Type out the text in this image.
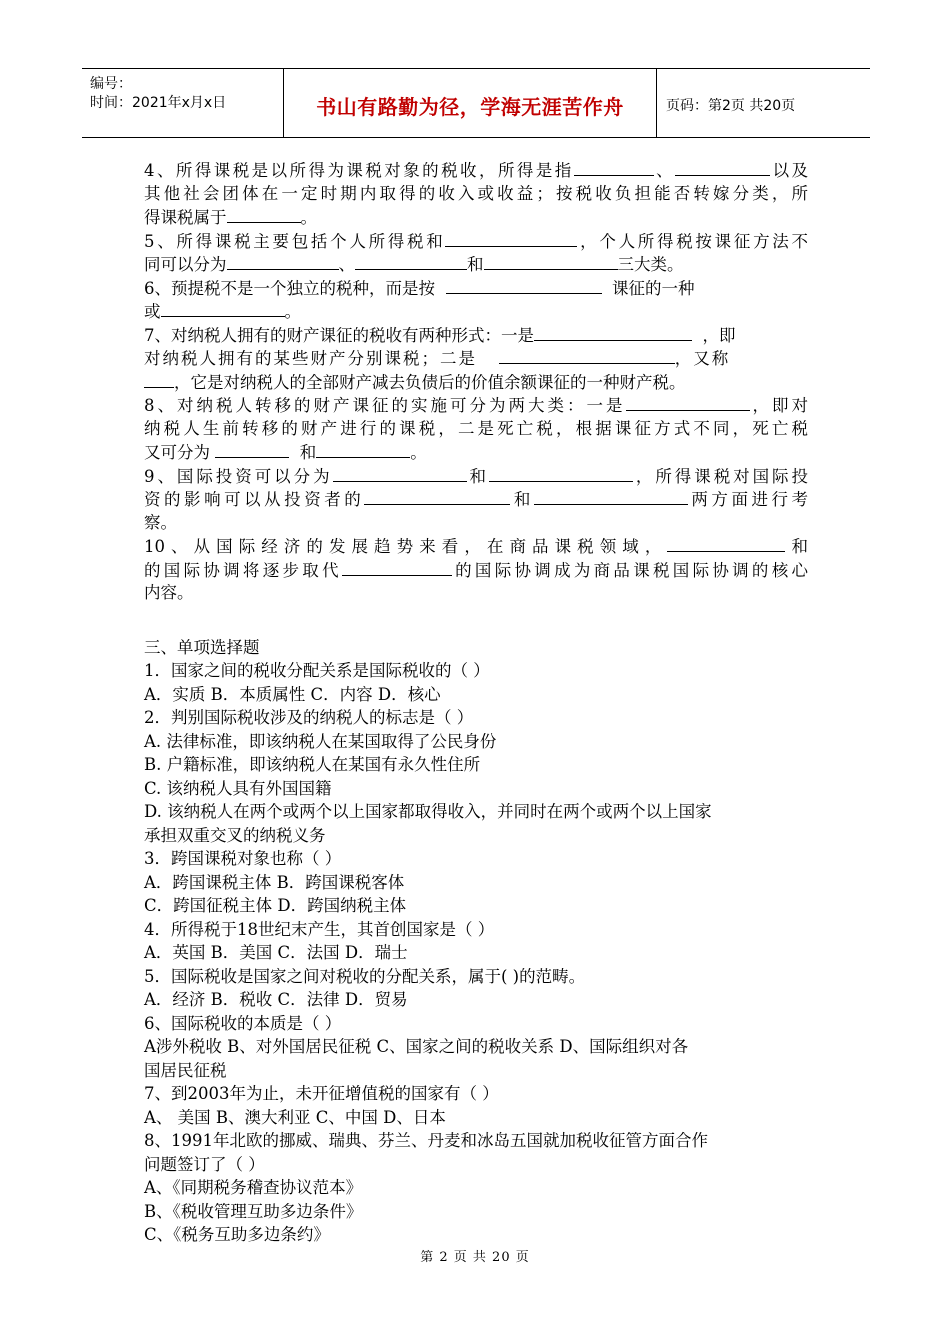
编号：
时间：2021年x月x日	书山有路勤为径，学海无涯苦作舟	页码：第2页 共20页
4、所得课税是以所得为课税对象的税收，所得是指	、	以及
其他社会团体在一定时期内取得的收入或收益；按税收负担能否转嫁分类，所
得课税属于	。
5、所得课税主要包括个人所得税和	，个人所得税按课征方法不
同可以分为	、	和	三大类。
6、预提税不是一个独立的税种，而是按	课征的一种
或	。
7、对纳税人拥有的财产课征的税收有两种形式：一是	，即
对纳税人拥有的某些财产分别课税；二是	，又称
，它是对纳税人的全部财产减去负债后的价值余额课征的一种财产税。
8、对纳税人转移的财产课征的实施可分为两大类：一是	，即对
纳税人生前转移的财产进行的课税，二是死亡税，根据课征方式不同，死亡税
又可分为	和	。
9、国际投资可以分为	和	，所得课税对国际投
资的影响可以从投资者的	和	两方面进行考
察。
10、从国际经济的发展趋势来看，在商品课税领域，	和
的国际协调将逐步取代	的国际协调成为商品课税国际协调的核心
内容。
三、单项选择题
1．国家之间的税收分配关系是国际税收的（ ）
A．实质 B．本质属性 C．内容 D．核心
2．判别国际税收涉及的纳税人的标志是（ ）
A. 法律标准，即该纳税人在某国取得了公民身份
B. 户籍标准，即该纳税人在某国有永久性住所
C. 该纳税人具有外国国籍
D. 该纳税人在两个或两个以上国家都取得收入，并同时在两个或两个以上国家
承担双重交叉的纳税义务
3．跨国课税对象也称（ ）
A．跨国课税主体 B．跨国课税客体
C．跨国征税主体 D．跨国纳税主体
4．所得税于18世纪末产生，其首创国家是（ ）
A．英国 B．美国 C．法国 D．瑞士
5．国际税收是国家之间对税收的分配关系，属于( )的范畴。
A．经济 B．税收 C．法律 D．贸易
6、国际税收的本质是（ ）
A涉外税收 B、对外国居民征税 C、国家之间的税收关系 D、国际组织对各
国居民征税
7、到2003年为止，未开征增值税的国家有（ ）
A、 美国 B、澳大利亚 C、中国 D、日本
8、1991年北欧的挪威、瑞典、芬兰、丹麦和冰岛五国就加税收征管方面合作
问题签订了（ ）
A、《同期税务稽查协议范本》
B、《税收管理互助多边条件》
C、《税务互助多边条约》
第 2 页 共 20 页
